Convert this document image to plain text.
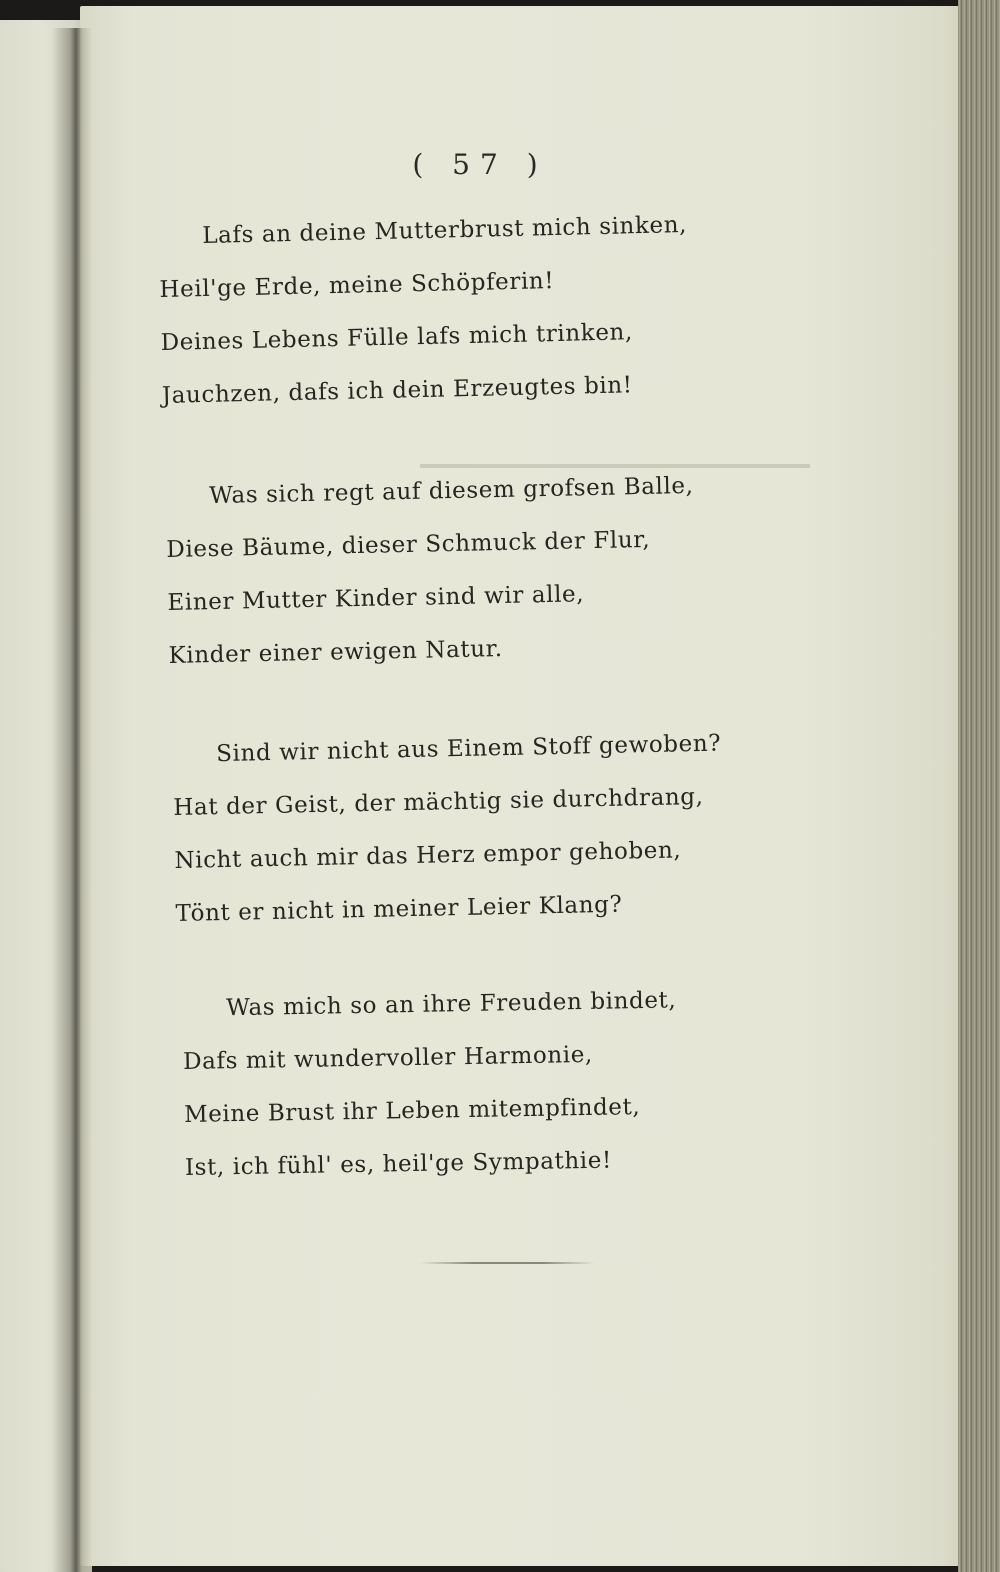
( 57 )
Lafs an deine Mutterbrust mich sinken,
Heil'ge Erde, meine Schöpferin!
Deines Lebens Fülle lafs mich trinken,
Jauchzen, dafs ich dein Erzeugtes bin!
Was sich regt auf diesem grofsen Balle,
Diese Bäume, dieser Schmuck der Flur,
Einer Mutter Kinder sind wir alle,
Kinder einer ewigen Natur.
Sind wir nicht aus Einem Stoff gewoben?
Hat der Geist, der mächtig sie durchdrang,
Nicht auch mir das Herz empor gehoben,
Tönt er nicht in meiner Leier Klang?
Was mich so an ihre Freuden bindet,
Dafs mit wundervoller Harmonie,
Meine Brust ihr Leben mitempfindet,
Ist, ich fühl' es, heil'ge Sympathie!
